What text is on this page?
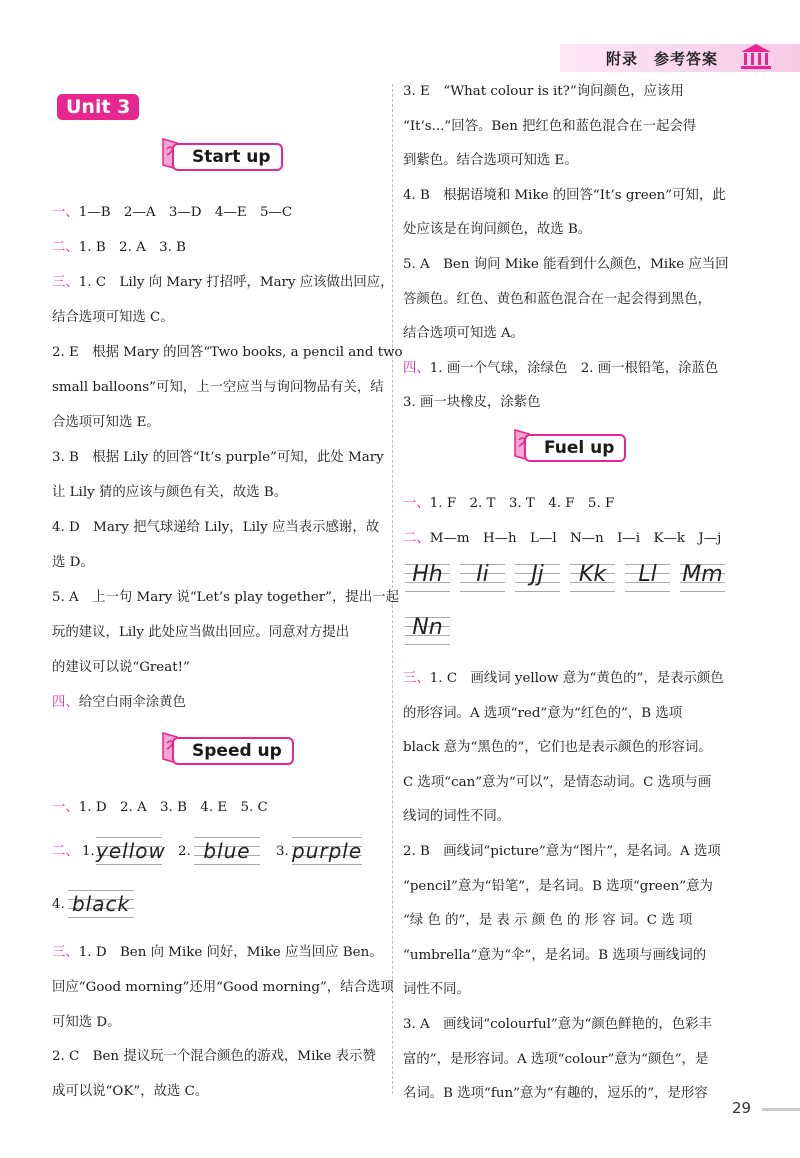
附录　参考答案
Unit 3
Start up
一、1—B　2—A　3—D　4—E　5—C
二、1. B　2. A　3. B
三、1. C　Lily 向 Mary 打招呼，Mary 应该做出回应，
结合选项可知选 C。
2. E　根据 Mary 的回答“Two books, a pencil and two
small balloons”可知，上一空应当与询问物品有关，结
合选项可知选 E。
3. B　根据 Lily 的回答“It’s purple”可知，此处 Mary
让 Lily 猜的应该与颜色有关，故选 B。
4. D　Mary 把气球递给 Lily，Lily 应当表示感谢，故
选 D。
5. A　上一句 Mary 说“Let’s play together”，提出一起
玩的建议，Lily 此处应当做出回应。同意对方提出
的建议可以说“Great!”
四、给空白雨伞涂黄色
Speed up
一、1. D　2. A　3. B　4. E　5. C
二、 1. yellow 2. blue	3. purple
4. black
三、1. D　Ben 向 Mike 问好，Mike 应当回应 Ben。
回应“Good morning”还用“Good morning”，结合选项
可知选 D。
2. C　Ben 提议玩一个混合颜色的游戏，Mike 表示赞
成可以说“OK”，故选 C。
3. E　“What colour is it?”询问颜色，应该用
“It’s...”回答。Ben 把红色和蓝色混合在一起会得
到紫色。结合选项可知选 E。
4. B　根据语境和 Mike 的回答“It’s green”可知，此
处应该是在询问颜色，故选 B。
5. A　Ben 询问 Mike 能看到什么颜色，Mike 应当回
答颜色。红色、黄色和蓝色混合在一起会得到黑色，
结合选项可知选 A。
四、1. 画一个气球，涂绿色　2. 画一根铅笔，涂蓝色
3. 画一块橡皮，涂紫色
Fuel up
一、1. F　2. T　3. T　4. F　5. F
二、M—m　H—h　L—l　N—n　I—i　K—k　J—j
Hh	Ii	Jj	Kk	Ll	Mm
Nn
三、1. C　画线词 yellow 意为“黄色的”，是表示颜色
的形容词。A 选项“red”意为“红色的”，B 选项
black 意为“黑色的”，它们也是表示颜色的形容词。
C 选项“can”意为“可以”，是情态动词。C 选项与画
线词的词性不同。
2. B　画线词“picture”意为“图片”，是名词。A 选项
“pencil”意为“铅笔”，是名词。B 选项“green”意为
“绿 色 的”，是 表 示 颜 色 的 形 容 词。C 选 项
“umbrella”意为“伞”，是名词。B 选项与画线词的
词性不同。
3. A　画线词“colourful”意为“颜色鲜艳的，色彩丰
富的”，是形容词。A 选项“colour”意为“颜色”，是
名词。B 选项“fun”意为“有趣的，逗乐的”，是形容
29
